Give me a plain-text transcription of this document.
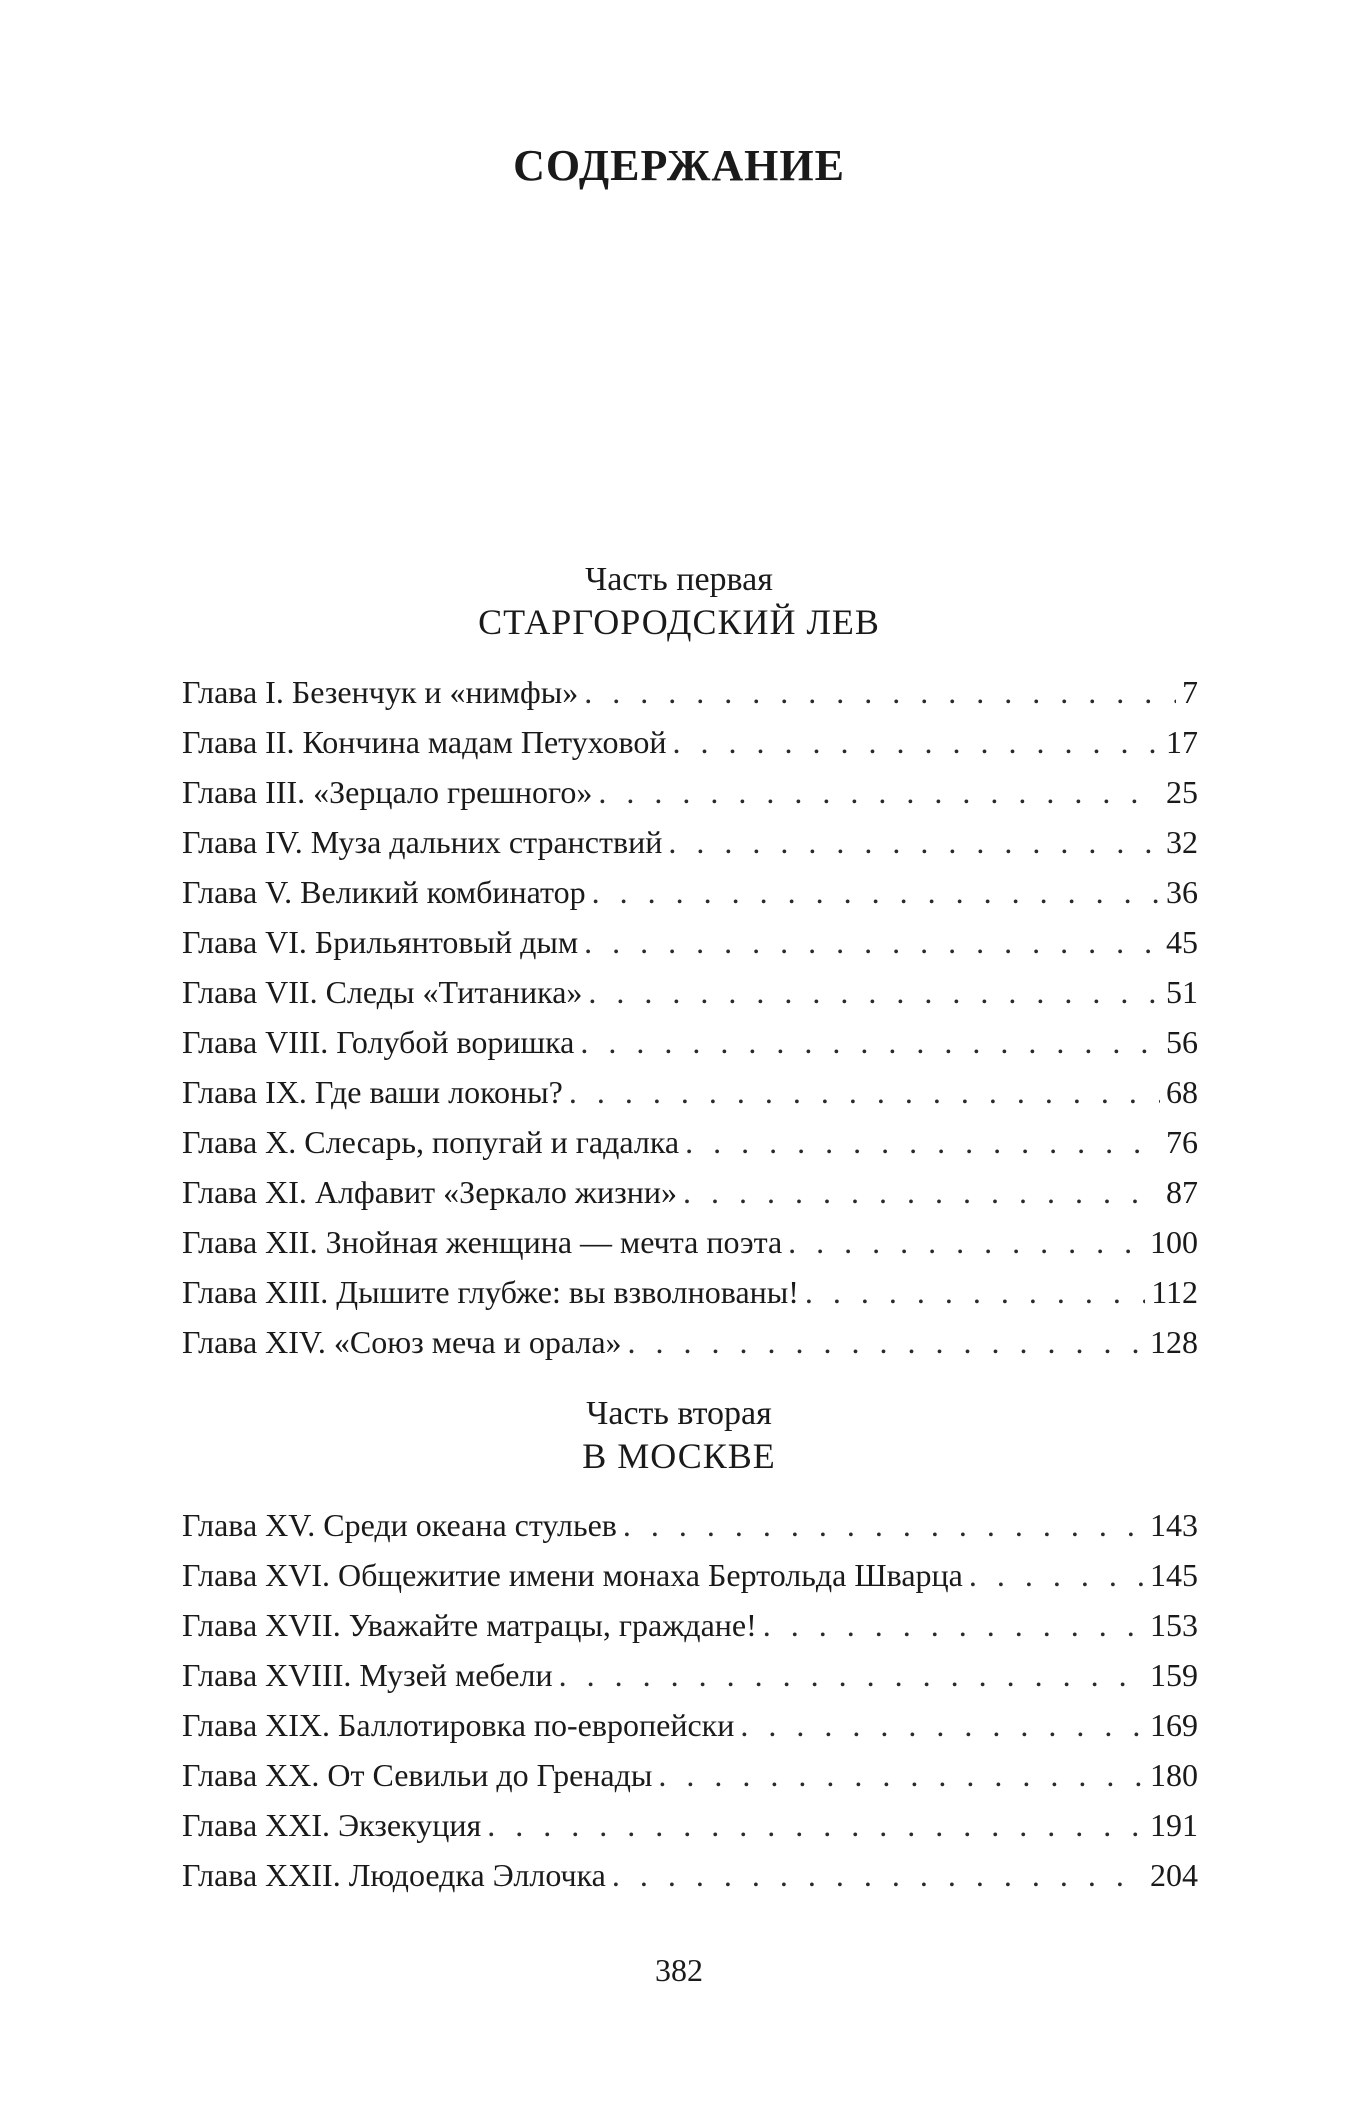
СОДЕРЖАНИЕ
Часть первая
СТАРГОРОДСКИЙ ЛЕВ
Глава I. Безенчук и «нимфы» . . .	7
Глава II. Кончина мадам Петуховой . . .	17
Глава III. «Зерцало грешного» . . .	25
Глава IV. Муза дальних странствий . . .	32
Глава V. Великий комбинатор . . .	36
Глава VI. Брильянтовый дым . . .	45
Глава VII. Следы «Титаника» . . .	51
Глава VIII. Голубой воришка . . .	56
Глава IX. Где ваши локоны? . . .	68
Глава X. Слесарь, попугай и гадалка . . .	76
Глава XI. Алфавит «Зеркало жизни» . . .	87
Глава XII. Знойная женщина — мечта поэта . . .	100
Глава XIII. Дышите глубже: вы взволнованы! . . .	112
Глава XIV. «Союз меча и орала» . . .	128
Часть вторая
В МОСКВЕ
Глава XV. Среди океана стульев . . .	143
Глава XVI. Общежитие имени монаха Бертольда Шварца . . .	145
Глава XVII. Уважайте матрацы, граждане! . . .	153
Глава XVIII. Музей мебели . . .	159
Глава XIX. Баллотировка по-европейски . . .	169
Глава XX. От Севильи до Гренады . . .	180
Глава XXI. Экзекуция . . .	191
Глава XXII. Людоедка Эллочка . . .	204
382
